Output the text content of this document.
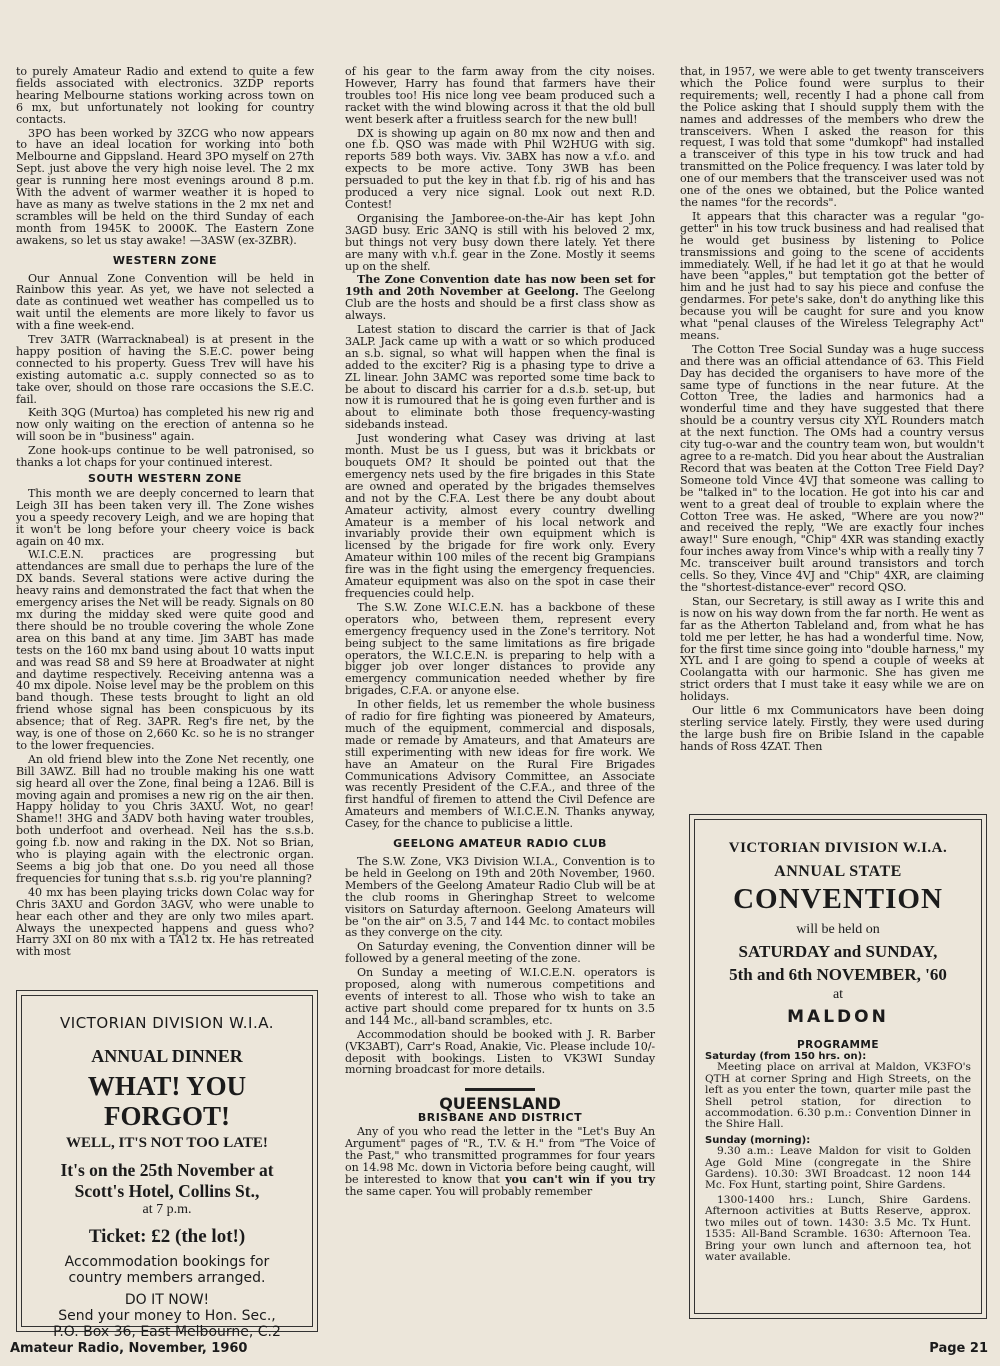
to purely Amateur Radio and extend to quite a few fields associated with electronics. 3ZDP reports hearing Melbourne stations working across town on 6 mx, but unfortunately not looking for country contacts.

3PO has been worked by 3ZCG who now appears to have an ideal location for working into both Melbourne and Gippsland. Heard 3PO myself on 27th Sept. just above the very high noise level. The 2 mx gear is running here most evenings around 8 p.m. With the advent of warmer weather it is hoped to have as many as twelve stations in the 2 mx net and scrambles will be held on the third Sunday of each month from 1945K to 2000K. The Eastern Zone awakens, so let us stay awake! —3ASW (ex-3ZBR).

WESTERN ZONE

Our Annual Zone Convention will be held in Rainbow this year. As yet, we have not selected a date as continued wet weather has compelled us to wait until the elements are more likely to favor us with a fine week-end.

Trev 3ATR (Warracknabeal) is at present in the happy position of having the S.E.C. power being connected to his property. Guess Trev will have his existing automatic a.c. supply connected so as to take over, should on those rare occasions the S.E.C. fail.

Keith 3QG (Murtoa) has completed his new rig and now only waiting on the erection of antenna so he will soon be in "business" again.

Zone hook-ups continue to be well patronised, so thanks a lot chaps for your continued interest.

SOUTH WESTERN ZONE

This month we are deeply concerned to learn that Leigh 3II has been taken very ill. The Zone wishes you a speedy recovery Leigh, and we are hoping that it won't be long before your cheery voice is back again on 40 mx.

W.I.C.E.N. practices are progressing but attendances are small due to perhaps the lure of the DX bands. Several stations were active during the heavy rains and demonstrated the fact that when the emergency arises the Net will be ready. Signals on 80 mx during the midday sked were quite good and there should be no trouble covering the whole Zone area on this band at any time. Jim 3ABT has made tests on the 160 mx band using about 10 watts input and was read S8 and S9 here at Broadwater at night and daytime respectively. Receiving antenna was a 40 mx dipole. Noise level may be the problem on this band though. These tests brought to light an old friend whose signal has been conspicuous by its absence; that of Reg. 3APR. Reg's fire net, by the way, is one of those on 2,660 Kc. so he is no stranger to the lower frequencies.

An old friend blew into the Zone Net recently, one Bill 3AWZ. Bill had no trouble making his one watt sig heard all over the Zone, final being a 12A6. Bill is moving again and promises a new rig on the air then. Happy holiday to you Chris 3AXU. Wot, no gear! Shame!! 3HG and 3ADV both having water troubles, both underfoot and overhead. Neil has the s.s.b. going f.b. now and raking in the DX. Not so Brian, who is playing again with the electronic organ. Seems a big job that one. Do you need all those frequencies for tuning that s.s.b. rig you're planning?

40 mx has been playing tricks down Colac way for Chris 3AXU and Gordon 3AGV, who were unable to hear each other and they are only two miles apart. Always the unexpected happens and guess who? Harry 3XI on 80 mx with a TA12 tx. He has retreated with most

of his gear to the farm away from the city noises. However, Harry has found that farmers have their troubles too! His nice long vee beam produced such a racket with the wind blowing across it that the old bull went beserk after a fruitless search for the new bull!

DX is showing up again on 80 mx now and then and one f.b. QSO was made with Phil W2HUG with sig. reports 589 both ways. Viv. 3ABX has now a v.f.o. and expects to be more active. Tony 3WB has been persuaded to put the key in that f.b. rig of his and has produced a very nice signal. Look out next R.D. Contest!

Organising the Jamboree-on-the-Air has kept John 3AGD busy. Eric 3ANQ is still with his beloved 2 mx, but things not very busy down there lately. Yet there are many with v.h.f. gear in the Zone. Mostly it seems up on the shelf.

The Zone Convention date has now been set for 19th and 20th November at Geelong. The Geelong Club are the hosts and should be a first class show as always.

Latest station to discard the carrier is that of Jack 3ALP. Jack came up with a watt or so which produced an s.b. signal, so what will happen when the final is added to the exciter? Rig is a phasing type to drive a ZL linear. John 3AMC was reported some time back to be about to discard his carrier for a d.s.b. set-up, but now it is rumoured that he is going even further and is about to eliminate both those frequency-wasting sidebands instead.

Just wondering what Casey was driving at last month. Must be us I guess, but was it brickbats or bouquets OM? It should be pointed out that the emergency nets used by the fire brigades in this State are owned and operated by the brigades themselves and not by the C.F.A. Lest there be any doubt about Amateur activity, almost every country dwelling Amateur is a member of his local network and invariably provide their own equipment which is licensed by the brigade for fire work only. Every Amateur within 100 miles of the recent big Grampians fire was in the fight using the emergency frequencies. Amateur equipment was also on the spot in case their frequencies could help.

The S.W. Zone W.I.C.E.N. has a backbone of these operators who, between them, represent every emergency frequency used in the Zone's territory. Not being subject to the same limitations as fire brigade operators, the W.I.C.E.N. is preparing to help with a bigger job over longer distances to provide any emergency communication needed whether by fire brigades, C.F.A. or anyone else.

In other fields, let us remember the whole business of radio for fire fighting was pioneered by Amateurs, much of the equipment, commercial and disposals, made or remade by Amateurs, and that Amateurs are still experimenting with new ideas for fire work. We have an Amateur on the Rural Fire Brigades Communications Advisory Committee, an Associate was recently President of the C.F.A., and three of the first handful of firemen to attend the Civil Defence are Amateurs and members of W.I.C.E.N. Thanks anyway, Casey, for the chance to publicise a little.

GEELONG AMATEUR RADIO CLUB

The S.W. Zone, VK3 Division W.I.A., Convention is to be held in Geelong on 19th and 20th November, 1960. Members of the Geelong Amateur Radio Club will be at the club rooms in Gheringhap Street to welcome visitors on Saturday afternoon. Geelong Amateurs will be "on the air" on 3.5, 7 and 144 Mc. to contact mobiles as they converge on the city.

On Saturday evening, the Convention dinner will be followed by a general meeting of the zone.

On Sunday a meeting of W.I.C.E.N. operators is proposed, along with numerous competitions and events of interest to all. Those who wish to take an active part should come prepared for tx hunts on 3.5 and 144 Mc., all-band scrambles, etc.

Accommodation should be booked with J. R. Barber (VK3ABT), Carr's Road, Anakie, Vic. Please include 10/- deposit with bookings. Listen to VK3WI Sunday morning broadcast for more details.

QUEENSLAND
BRISBANE AND DISTRICT

Any of you who read the letter in the "Let's Buy An Argument" pages of "R., T.V. & H." from "The Voice of the Past," who transmitted programmes for four years on 14.98 Mc. down in Victoria before being caught, will be interested to know that you can't win if you try the same caper. You will probably remember

that, in 1957, we were able to get twenty transceivers which the Police found were surplus to their requirements; well, recently I had a phone call from the Police asking that I should supply them with the names and addresses of the members who drew the transceivers. When I asked the reason for this request, I was told that some "dumkopf" had installed a transceiver of this type in his tow truck and had transmitted on the Police frequency. I was later told by one of our members that the transceiver used was not one of the ones we obtained, but the Police wanted the names "for the records".

It appears that this character was a regular "go-getter" in his tow truck business and had realised that he would get business by listening to Police transmissions and going to the scene of accidents immediately. Well, if he had let it go at that he would have been "apples," but temptation got the better of him and he just had to say his piece and confuse the gendarmes. For pete's sake, don't do anything like this because you will be caught for sure and you know what "penal clauses of the Wireless Telegraphy Act" means.

The Cotton Tree Social Sunday was a huge success and there was an official attendance of 63. This Field Day has decided the organisers to have more of the same type of functions in the near future. At the Cotton Tree, the ladies and harmonics had a wonderful time and they have suggested that there should be a country versus city XYL Rounders match at the next function. The OMs had a country versus city tug-o-war and the country team won, but wouldn't agree to a re-match. Did you hear about the Australian Record that was beaten at the Cotton Tree Field Day? Someone told Vince 4VJ that someone was calling to be "talked in" to the location. He got into his car and went to a great deal of trouble to explain where the Cotton Tree was. He asked, "Where are you now?" and received the reply, "We are exactly four inches away!" Sure enough, "Chip" 4XR was standing exactly four inches away from Vince's whip with a really tiny 7 Mc. transceiver built around transistors and torch cells. So they, Vince 4VJ and "Chip" 4XR, are claiming the "shortest-distance-ever" record QSO.

Stan, our Secretary, is still away as I write this and is now on his way down from the far north. He went as far as the Atherton Tableland and, from what he has told me per letter, he has had a wonderful time. Now, for the first time since going into "double harness," my XYL and I are going to spend a couple of weeks at Coolangatta with our harmonic. She has given me strict orders that I must take it easy while we are on holidays.

Our little 6 mx Communicators have been doing sterling service lately. Firstly, they were used during the large bush fire on Bribie Island in the capable hands of Ross 4ZAT. Then

VICTORIAN DIVISION W.I.A.
ANNUAL DINNER
WHAT! YOU FORGOT!
WELL, IT'S NOT TOO LATE!
It's on the 25th November at
Scott's Hotel, Collins St.,
at 7 p.m.
Ticket: £2 (the lot!)
Accommodation bookings for
country members arranged.
DO IT NOW!
Send your money to Hon. Sec.,
P.O. Box 36, East Melbourne, C.2
VICTORIAN DIVISION W.I.A.
ANNUAL STATE
CONVENTION
will be held on
SATURDAY and SUNDAY,
5th and 6th NOVEMBER, '60
at
MALDON
PROGRAMME

Saturday (from 150 hrs. on):

Meeting place on arrival at Maldon, VK3FO's QTH at corner Spring and High Streets, on the left as you enter the town, quarter mile past the Shell petrol station, for direction to accommodation. 6.30 p.m.: Convention Dinner in the Shire Hall.

Sunday (morning):

9.30 a.m.: Leave Maldon for visit to Golden Age Gold Mine (congregate in the Shire Gardens). 10.30: 3WI Broadcast. 12 noon 144 Mc. Fox Hunt, starting point, Shire Gardens.

1300-1400 hrs.: Lunch, Shire Gardens. Afternoon activities at Butts Reserve, approx. two miles out of town. 1430: 3.5 Mc. Tx Hunt. 1535: All-Band Scramble. 1630: Afternoon Tea. Bring your own lunch and afternoon tea, hot water available.

Amateur Radio, November, 1960	Page 21
